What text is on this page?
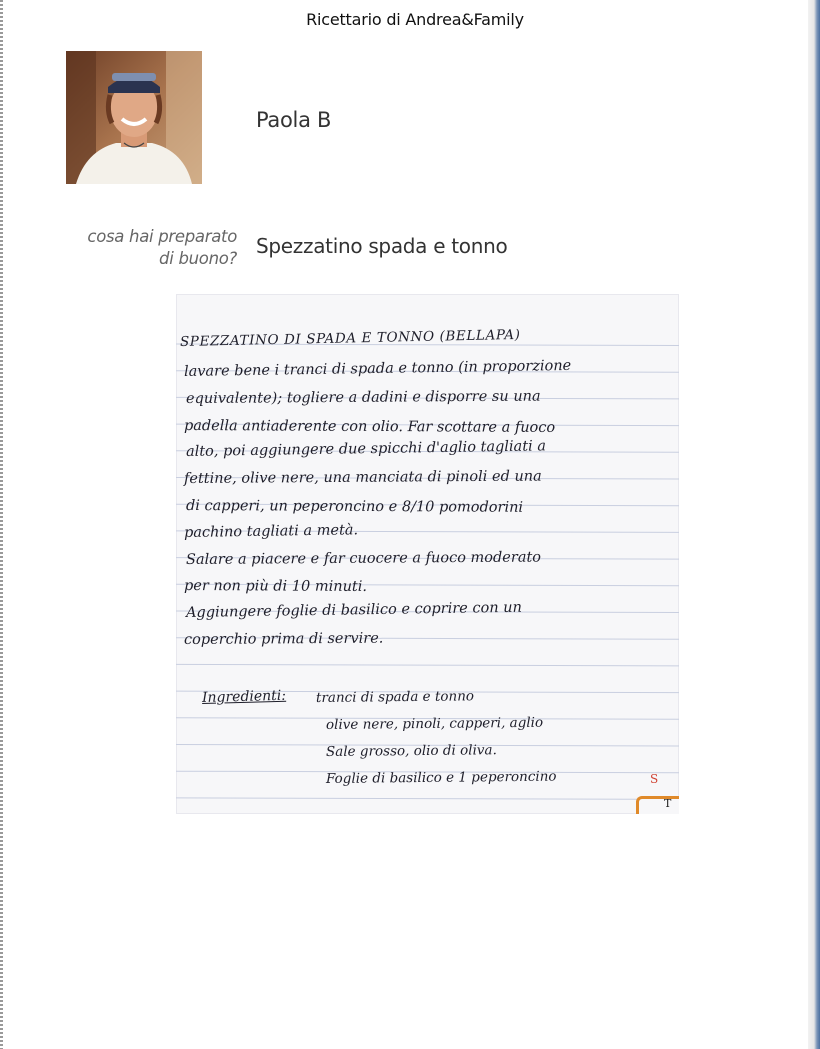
Ricettario di Andrea&Family
Paola B
cosa hai preparato
di buono?
Spezzatino spada e tonno
SPEZZATINO DI SPADA E TONNO (BELLAPA)
lavare bene i tranci di spada e tonno (in proporzione
equivalente); togliere a dadini e disporre su una
padella antiaderente con olio. Far scottare a fuoco
alto, poi aggiungere due spicchi d'aglio tagliati a
fettine, olive nere, una manciata di pinoli ed una
di capperi, un peperoncino e 8/10 pomodorini
pachino tagliati a metà.
Salare a piacere e far cuocere a fuoco moderato
per non più di 10 minuti.
Aggiungere foglie di basilico e coprire con un
coperchio prima di servire.
Ingredienti: tranci di spada e tonno
olive nere, pinoli, capperi, aglio
Sale grosso, olio di oliva.
Foglie di basilico e 1 peperoncino	S
T
